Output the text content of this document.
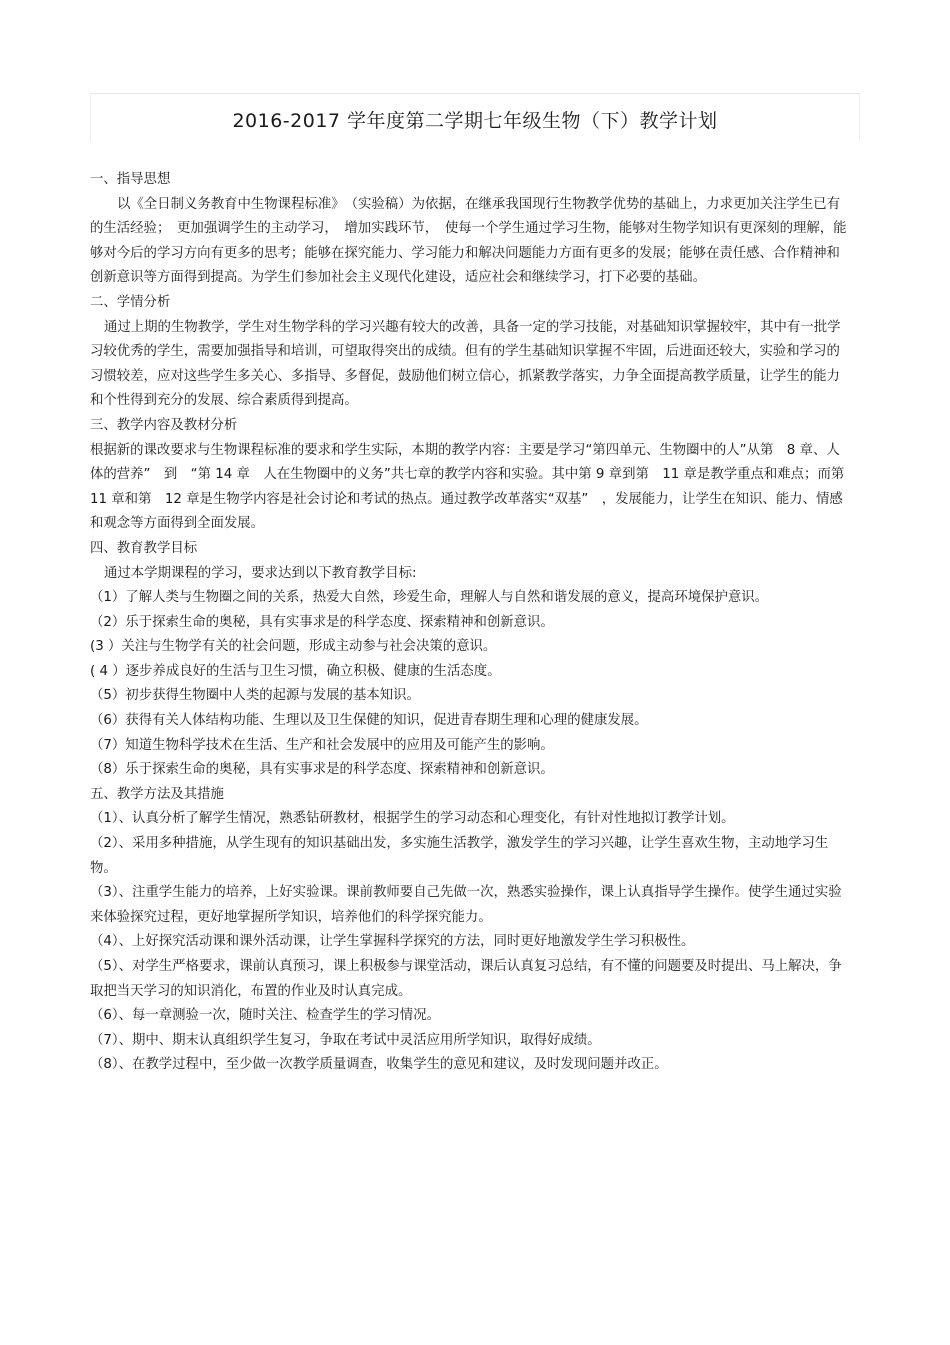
2016-2017 学年度第二学期七年级生物（下）教学计划

一、指导思想

以《全日制义务教育中生物课程标准》　（实验稿）为依据，在继承我国现行生物教学优势的基础上，力求更加关注学生已有的生活经验；　更加强调学生的主动学习，　增加实践环节，　使每一个学生通过学习生物，能够对生物学知识有更深刻的理解，能够对今后的学习方向有更多的思考；能够在探究能力、学习能力和解决问题能力方面有更多的发展；能够在责任感、合作精神和创新意识等方面得到提高。为学生们参加社会主义现代化建设，适应社会和继续学习，打下必要的基础。

二、学情分析

通过上期的生物教学，学生对生物学科的学习兴趣有较大的改善，具备一定的学习技能，对基础知识掌握较牢，其中有一批学习较优秀的学生，需要加强指导和培训，可望取得突出的成绩。但有的学生基础知识掌握不牢固，后进面还较大，实验和学习的习惯较差，应对这些学生多关心、多指导、多督促，鼓励他们树立信心，抓紧教学落实，力争全面提高教学质量，让学生的能力和个性得到充分的发展、综合素质得到提高。

三、教学内容及教材分析

根据新的课改要求与生物课程标准的要求和学生实际，本期的教学内容：主要是学习“第四单元、生物圈中的人”从第　8 章、人体的营养”　到　“第 14 章　人在生物圈中的义务”共七章的教学内容和实验。其中第 9 章到第　11 章是教学重点和难点；而第　　11 章和第　12 章是生物学内容是社会讨论和考试的热点。通过教学改革落实“双基”　，发展能力，让学生在知识、能力、情感和观念等方面得到全面发展。

四、教育教学目标

通过本学期课程的学习，要求达到以下教育教学目标:

（1）了解人类与生物圈之间的关系，热爱大自然，珍爱生命，理解人与自然和谐发展的意义，提高环境保护意识。

（2）乐于探索生命的奥秘，具有实事求是的科学态度、探索精神和创新意识。

(3 ）关注与生物学有关的社会问题，形成主动参与社会决策的意识。

( 4 ）逐步养成良好的生活与卫生习惯，确立积极、健康的生活态度。

（5）初步获得生物圈中人类的起源与发展的基本知识。

（6）获得有关人体结构功能、生理以及卫生保健的知识，促进青春期生理和心理的健康发展。

（7）知道生物科学技术在生活、生产和社会发展中的应用及可能产生的影响。

（8）乐于探索生命的奥秘，具有实事求是的科学态度、探索精神和创新意识。

五、教学方法及其措施

（1）、认真分析了解学生情况，熟悉钻研教材，根据学生的学习动态和心理变化，有针对性地拟订教学计划。

（2）、采用多种措施，从学生现有的知识基础出发，多实施生活教学，激发学生的学习兴趣，让学生喜欢生物，主动地学习生物。

（3）、注重学生能力的培养，上好实验课。课前教师要自己先做一次，熟悉实验操作，课上认真指导学生操作。使学生通过实验来体验探究过程，更好地掌握所学知识，培养他们的科学探究能力。

（4）、上好探究活动课和课外活动课，让学生掌握科学探究的方法，同时更好地激发学生学习积极性。

（5）、对学生严格要求，课前认真预习，课上积极参与课堂活动，课后认真复习总结，有不懂的问题要及时提出、马上解决，争取把当天学习的知识消化，布置的作业及时认真完成。

（6）、每一章测验一次，随时关注、检查学生的学习情况。

（7）、期中、期末认真组织学生复习，争取在考试中灵活应用所学知识，取得好成绩。

（8）、在教学过程中，至少做一次教学质量调查，收集学生的意见和建议，及时发现问题并改正。
